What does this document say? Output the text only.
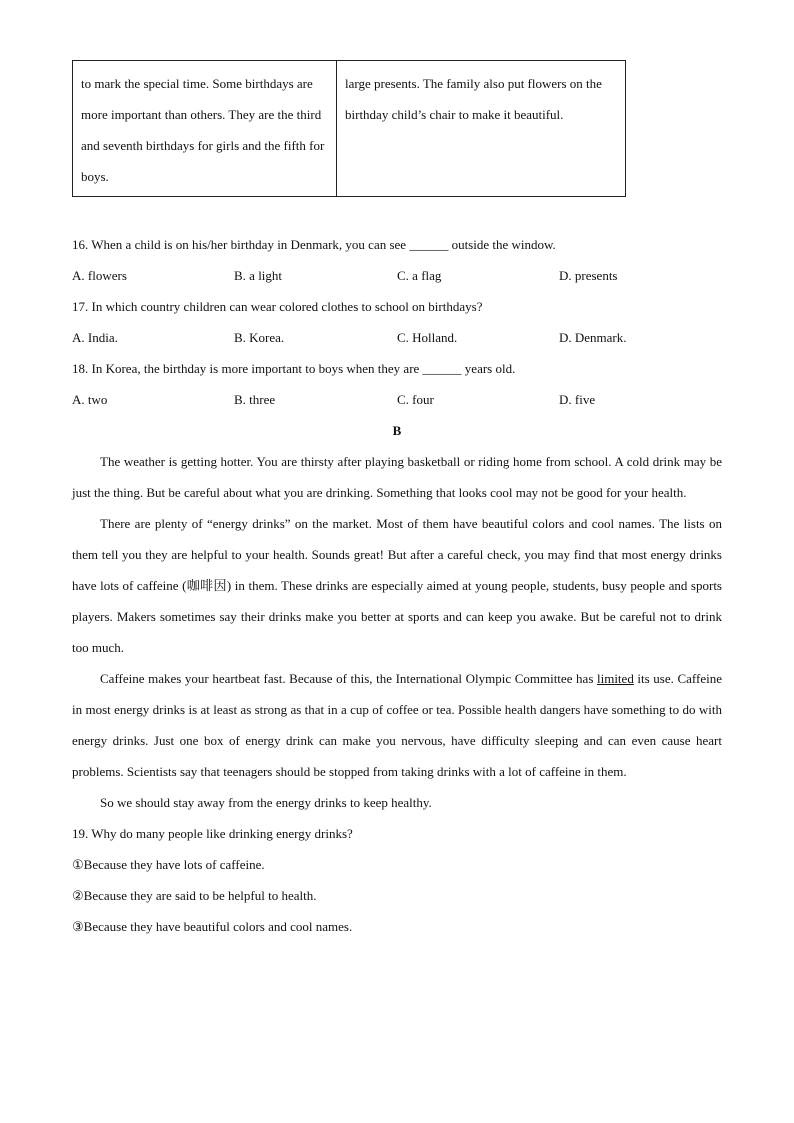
to mark the special time. Some birthdays are more important than others. They are the third and seventh birthdays for girls and the fifth for boys.	large presents. The family also put flowers on the birthday child’s chair to make it beautiful.

16. When a child is on his/her birthday in Denmark, you can see ______ outside the window.

A. flowers	B. a light	C. a flag	D. presents

17. In which country children can wear colored clothes to school on birthdays?

A. India.	B. Korea.	C. Holland.	D. Denmark.

18. In Korea, the birthday is more important to boys when they are ______ years old.

A. two	B. three	C. four	D. five
B

The weather is getting hotter. You are thirsty after playing basketball or riding home from school. A cold drink may be just the thing. But be careful about what you are drinking. Something that looks cool may not be good for your health.

There are plenty of “energy drinks” on the market. Most of them have beautiful colors and cool names. The lists on them tell you they are helpful to your health. Sounds great! But after a careful check, you may find that most energy drinks have lots of caffeine (咖啡因) in them. These drinks are especially aimed at young people, students, busy people and sports players. Makers sometimes say their drinks make you better at sports and can keep you awake. But be careful not to drink too much.

Caffeine makes your heartbeat fast. Because of this, the International Olympic Committee has limited its use. Caffeine in most energy drinks is at least as strong as that in a cup of coffee or tea. Possible health dangers have something to do with energy drinks. Just one box of energy drink can make you nervous, have difficulty sleeping and can even cause heart problems. Scientists say that teenagers should be stopped from taking drinks with a lot of caffeine in them.

So we should stay away from the energy drinks to keep healthy.

19. Why do many people like drinking energy drinks?

①Because they have lots of caffeine.

②Because they are said to be helpful to health.

③Because they have beautiful colors and cool names.
